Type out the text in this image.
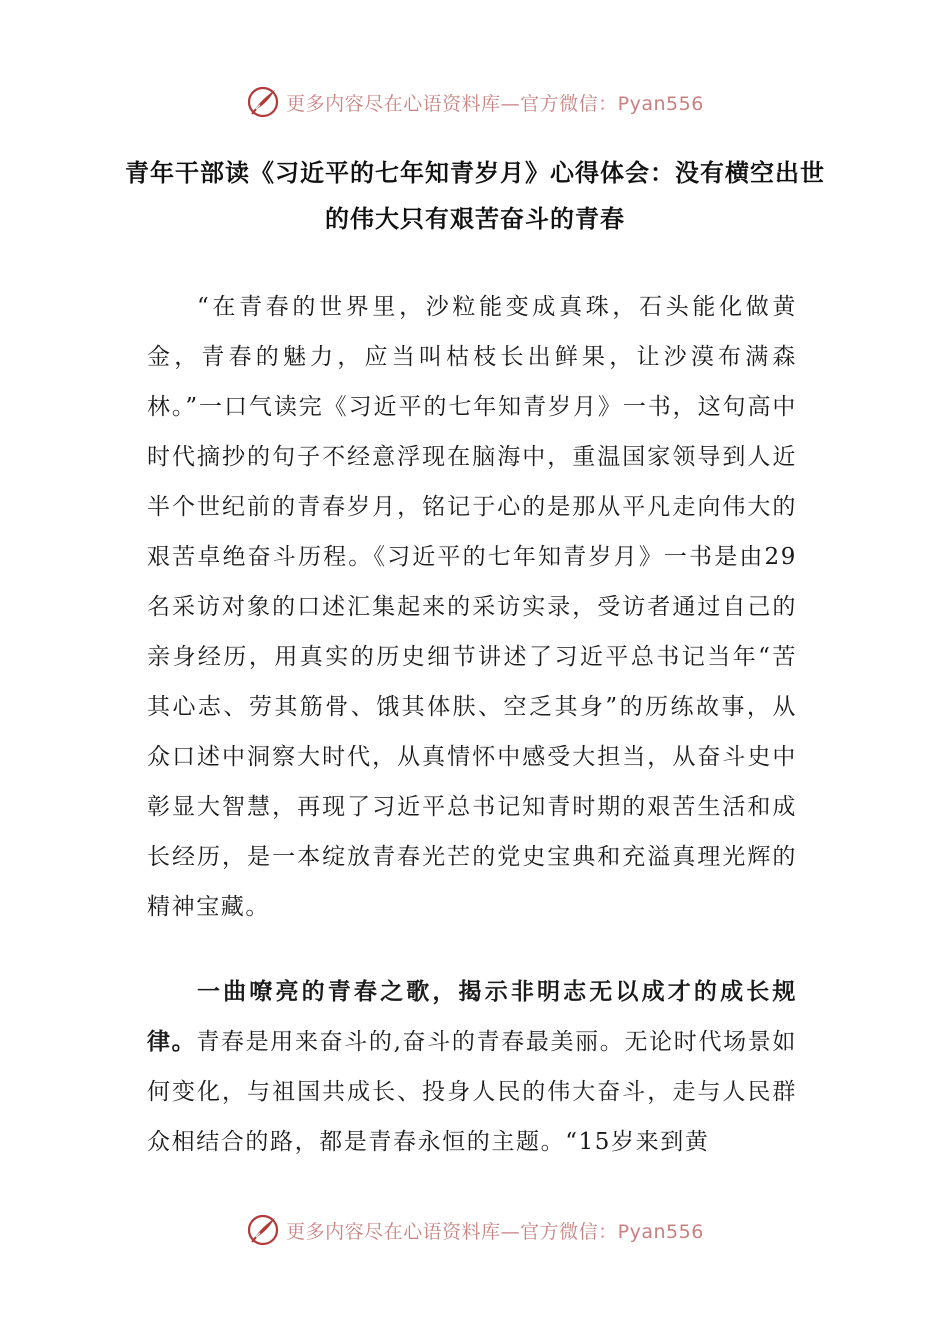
更多内容尽在心语资料库—官方微信：Pyan556
青年干部读《习近平的七年知青岁月》心得体会：没有横空出世的伟大只有艰苦奋斗的青春
“在青春的世界里，沙粒能变成真珠，石头能化做黄金，青春的魅力，应当叫枯枝长出鲜果，让沙漠布满森林。”一口气读完《习近平的七年知青岁月》一书，这句高中时代摘抄的句子不经意浮现在脑海中，重温国家领导到人近半个世纪前的青春岁月，铭记于心的是那从平凡走向伟大的艰苦卓绝奋斗历程。《习近平的七年知青岁月》一书是由29名采访对象的口述汇集起来的采访实录，受访者通过自己的亲身经历，用真实的历史细节讲述了习近平总书记当年“苦其心志、劳其筋骨、饿其体肤、空乏其身”的历练故事，从众口述中洞察大时代，从真情怀中感受大担当，从奋斗史中彰显大智慧，再现了习近平总书记知青时期的艰苦生活和成长经历，是一本绽放青春光芒的党史宝典和充溢真理光辉的精神宝藏。
一曲嘹亮的青春之歌，揭示非明志无以成才的成长规律。青春是用来奋斗的,奋斗的青春最美丽。无论时代场景如何变化，与祖国共成长、投身人民的伟大奋斗，走与人民群众相结合的路，都是青春永恒的主题。“15岁来到黄
更多内容尽在心语资料库—官方微信：Pyan556
